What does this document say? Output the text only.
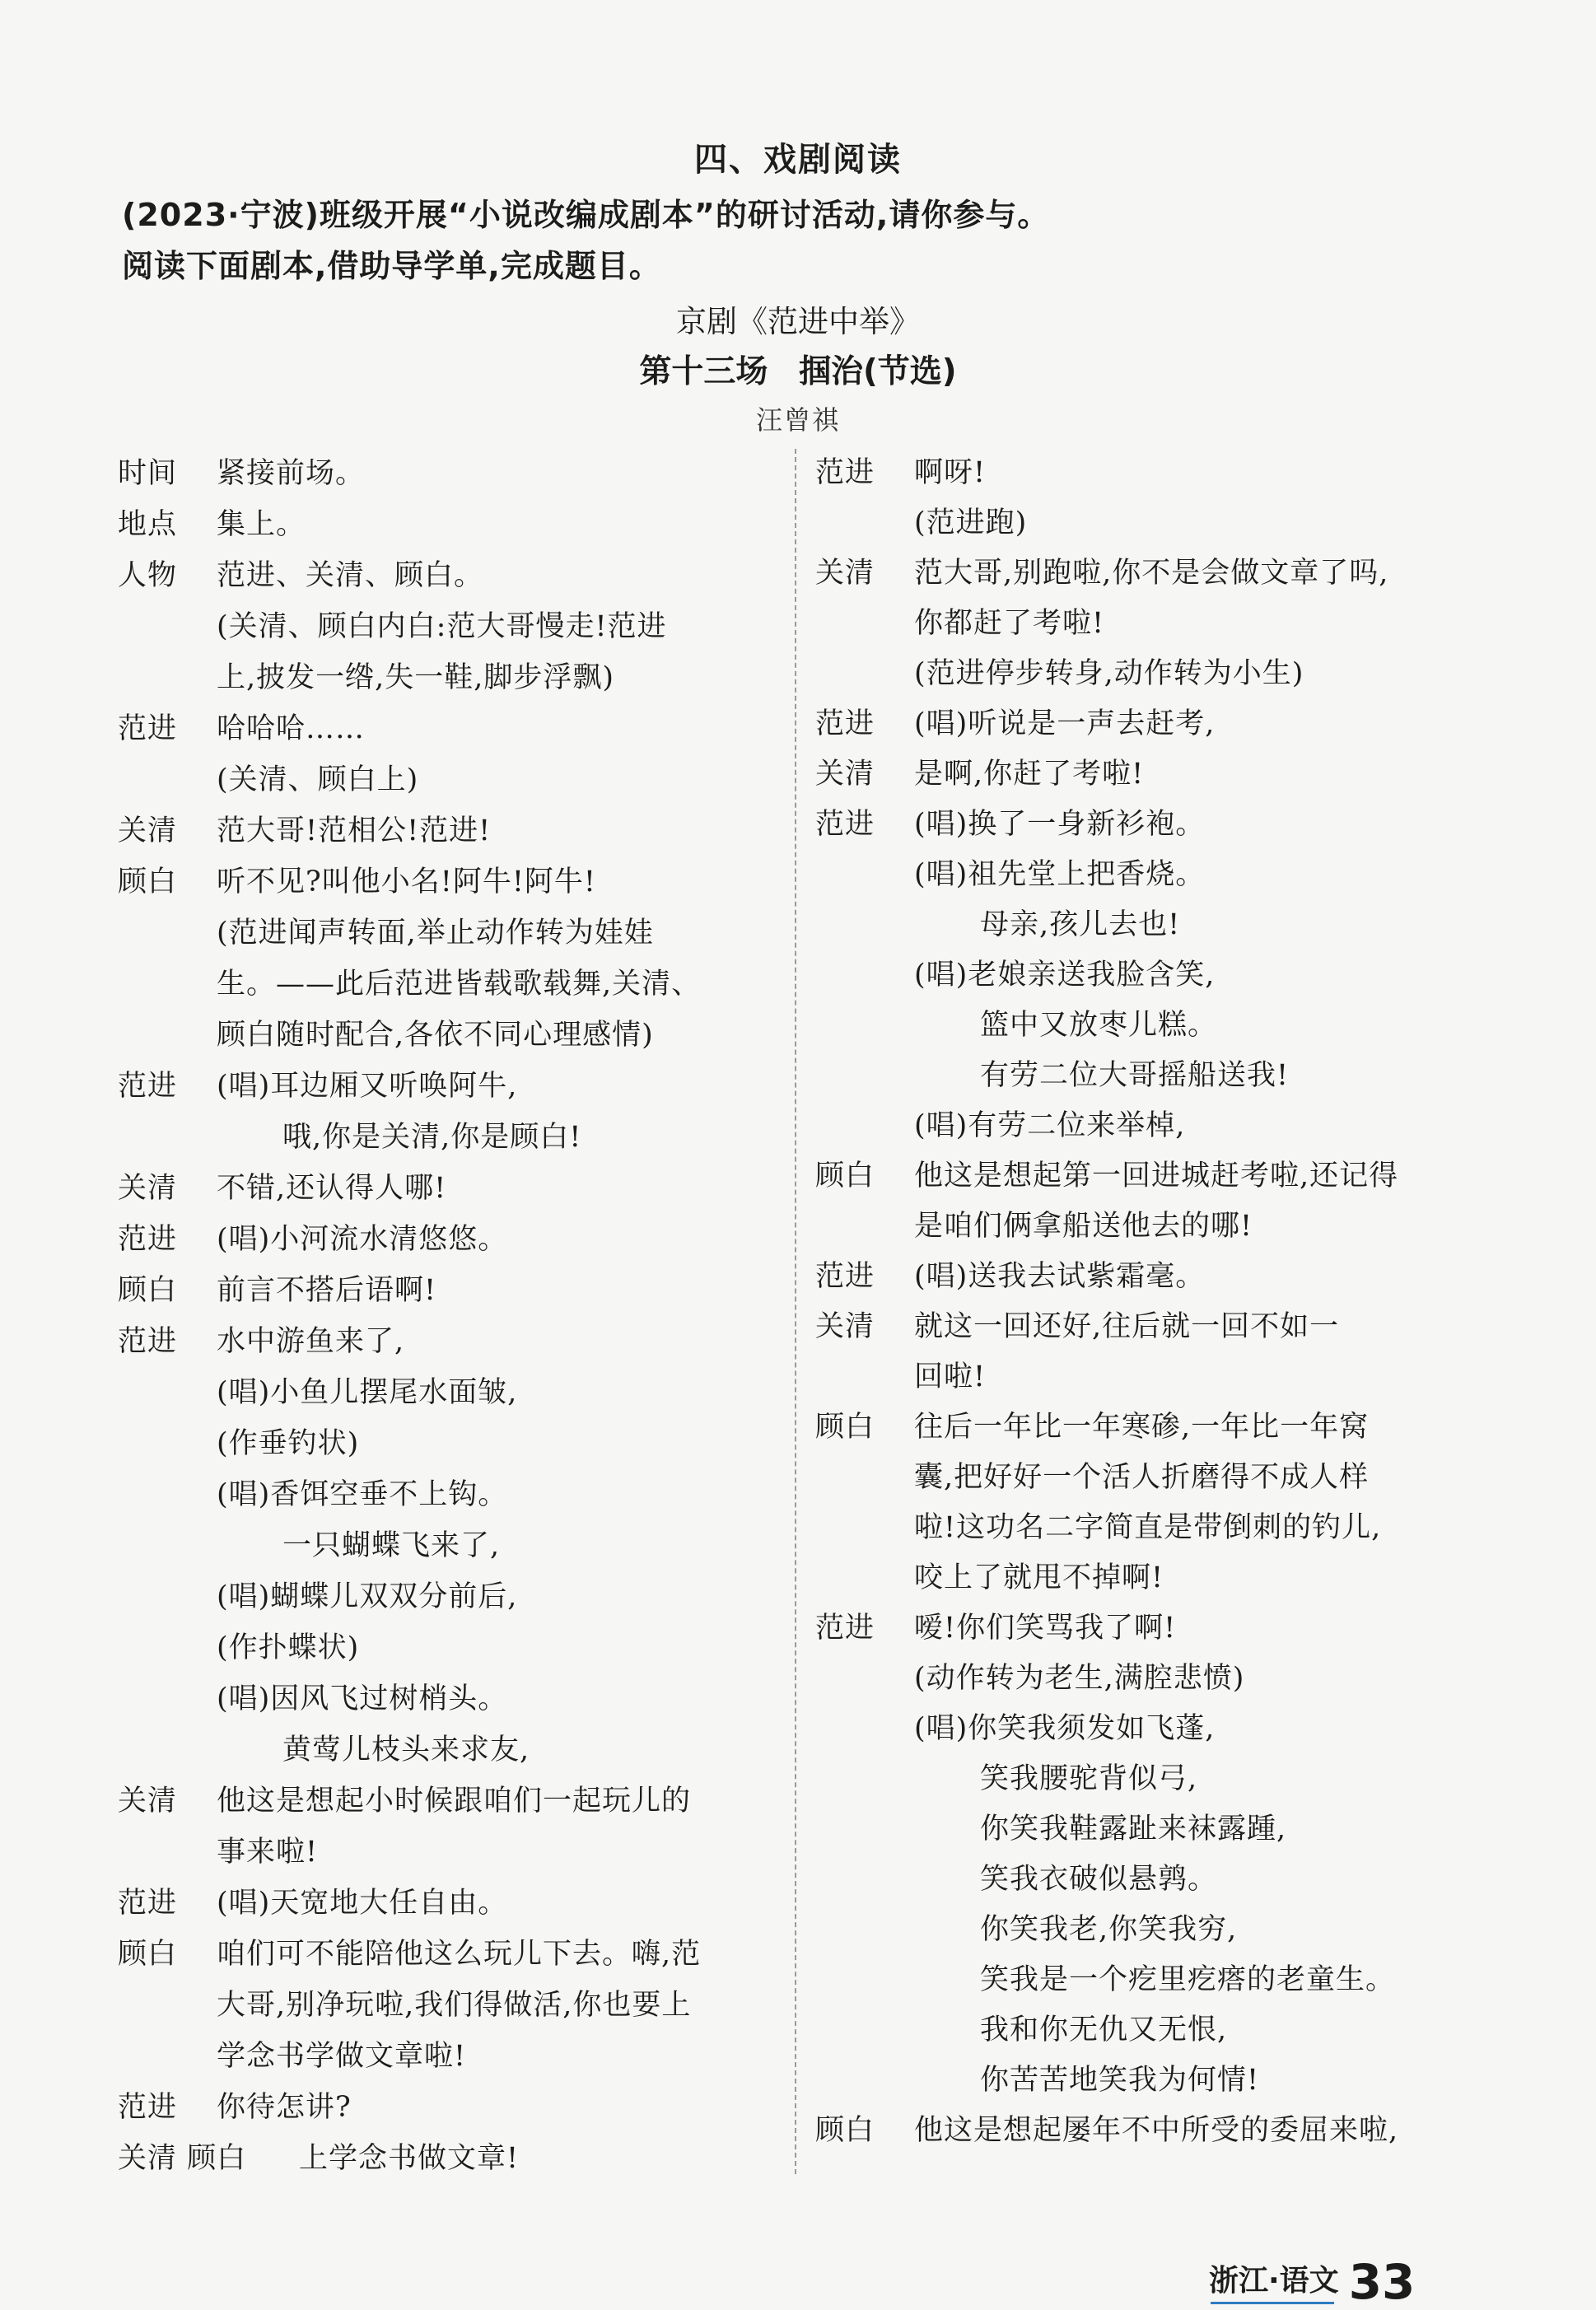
四、戏剧阅读
(2023·宁波)班级开展“小说改编成剧本”的研讨活动,请你参与。
阅读下面剧本,借助导学单,完成题目。
京剧《范进中举》
第十三场 掴治(节选)
汪曾祺
时间 紧接前场。
地点 集上。
人物 范进、关清、顾白。
(关清、顾白内白:范大哥慢走!范进
上,披发一绺,失一鞋,脚步浮飘)
范进 哈哈哈……
(关清、顾白上)
关清 范大哥!范相公!范进!
顾白 听不见?叫他小名!阿牛!阿牛!
(范进闻声转面,举止动作转为娃娃
生。——此后范进皆载歌载舞,关清、
顾白随时配合,各依不同心理感情)
范进 (唱)耳边厢又听唤阿牛,
哦,你是关清,你是顾白!
关清 不错,还认得人哪!
范进 (唱)小河流水清悠悠。
顾白 前言不搭后语啊!
范进 水中游鱼来了,
(唱)小鱼儿摆尾水面皱,
(作垂钓状)
(唱)香饵空垂不上钩。
一只蝴蝶飞来了,
(唱)蝴蝶儿双双分前后,
(作扑蝶状)
(唱)因风飞过树梢头。
黄莺儿枝头来求友,
关清 他这是想起小时候跟咱们一起玩儿的
事来啦!
范进 (唱)天宽地大任自由。
顾白 咱们可不能陪他这么玩儿下去。嗨,范
大哥,别净玩啦,我们得做活,你也要上
学念书学做文章啦!
范进 你待怎讲?
关清 顾白 上学念书做文章!
范进 啊呀!
(范进跑)
关清 范大哥,别跑啦,你不是会做文章了吗,
你都赶了考啦!
(范进停步转身,动作转为小生)
范进 (唱)听说是一声去赶考,
关清 是啊,你赶了考啦!
范进 (唱)换了一身新衫袍。
(唱)祖先堂上把香烧。
母亲,孩儿去也!
(唱)老娘亲送我脸含笑,
篮中又放枣儿糕。
有劳二位大哥摇船送我!
(唱)有劳二位来举棹,
顾白 他这是想起第一回进城赶考啦,还记得
是咱们俩拿船送他去的哪!
范进 (唱)送我去试紫霜毫。
关清 就这一回还好,往后就一回不如一
回啦!
顾白 往后一年比一年寒碜,一年比一年窝
囊,把好好一个活人折磨得不成人样
啦!这功名二字简直是带倒刺的钓儿,
咬上了就甩不掉啊!
范进 嗳!你们笑骂我了啊!
(动作转为老生,满腔悲愤)
(唱)你笑我须发如飞蓬,
笑我腰驼背似弓,
你笑我鞋露趾来袜露踵,
笑我衣破似悬鹑。
你笑我老,你笑我穷,
笑我是一个疙里疙瘩的老童生。
我和你无仇又无恨,
你苦苦地笑我为何情!
顾白 他这是想起屡年不中所受的委屈来啦,
浙江·语文 33
